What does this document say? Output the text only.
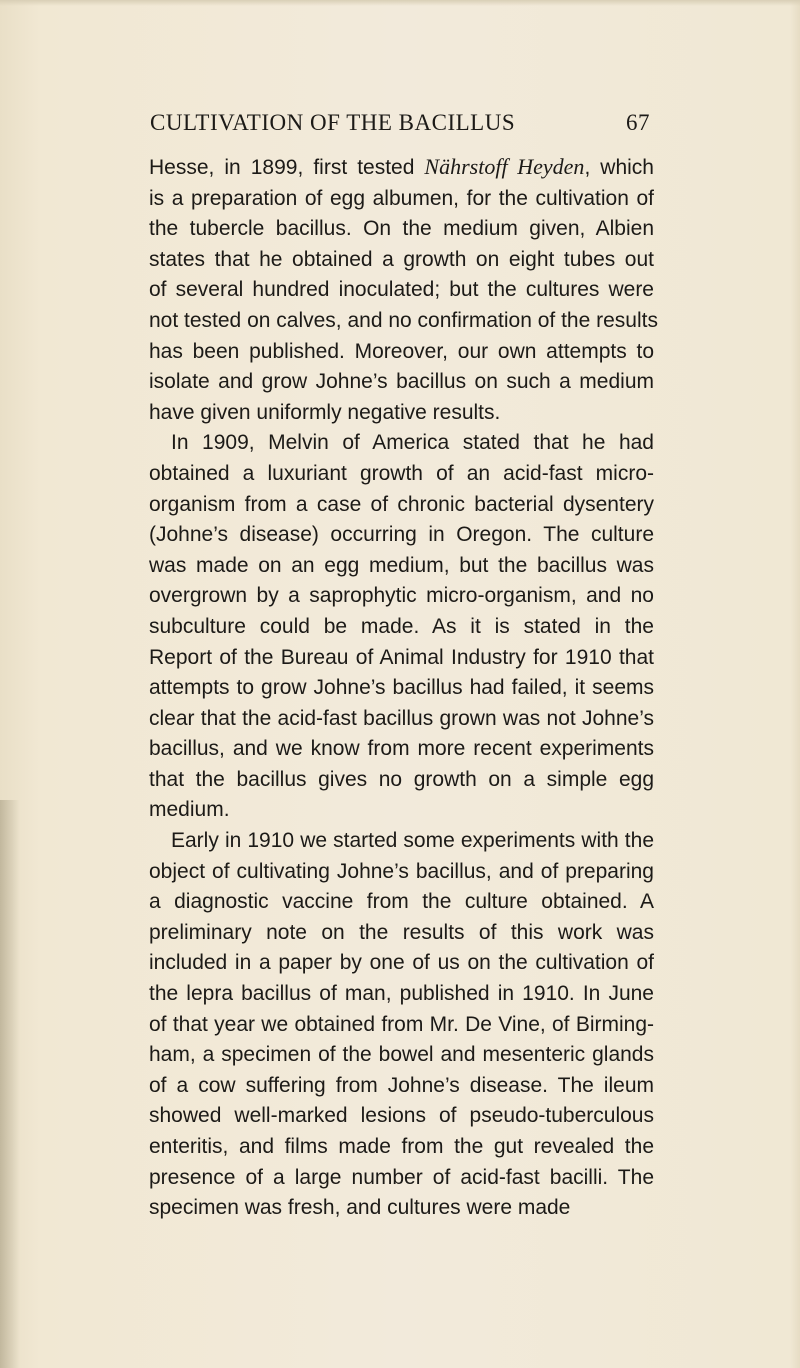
CULTIVATION OF THE BACILLUS	67

Hesse, in 1899, first tested Nährstoff Heyden, which
is a preparation of egg albumen, for the cultivation of
the tubercle bacillus. On the medium given, Albien
states that he obtained a growth on eight tubes out
of several hundred inoculated; but the cultures were
not tested on calves, and no confirmation of the results
has been published. Moreover, our own attempts to
isolate and grow Johne’s bacillus on such a medium
have given uniformly negative results.

In 1909, Melvin of America stated that he had
obtained a luxuriant growth of an acid-fast micro-
organism from a case of chronic bacterial dysentery
(Johne’s disease) occurring in Oregon. The culture
was made on an egg medium, but the bacillus was
overgrown by a saprophytic micro-organism, and no
subculture could be made. As it is stated in the
Report of the Bureau of Animal Industry for 1910 that
attempts to grow Johne’s bacillus had failed, it seems
clear that the acid-fast bacillus grown was not Johne’s
bacillus, and we know from more recent experiments
that the bacillus gives no growth on a simple egg
medium.

Early in 1910 we started some experiments with the
object of cultivating Johne’s bacillus, and of preparing
a diagnostic vaccine from the culture obtained. A
preliminary note on the results of this work was
included in a paper by one of us on the cultivation of
the lepra bacillus of man, published in 1910. In June
of that year we obtained from Mr. De Vine, of Birming-
ham, a specimen of the bowel and mesenteric glands
of a cow suffering from Johne’s disease. The ileum
showed well-marked lesions of pseudo-tuberculous
enteritis, and films made from the gut revealed the
presence of a large number of acid-fast bacilli. The
specimen was fresh, and cultures were made
